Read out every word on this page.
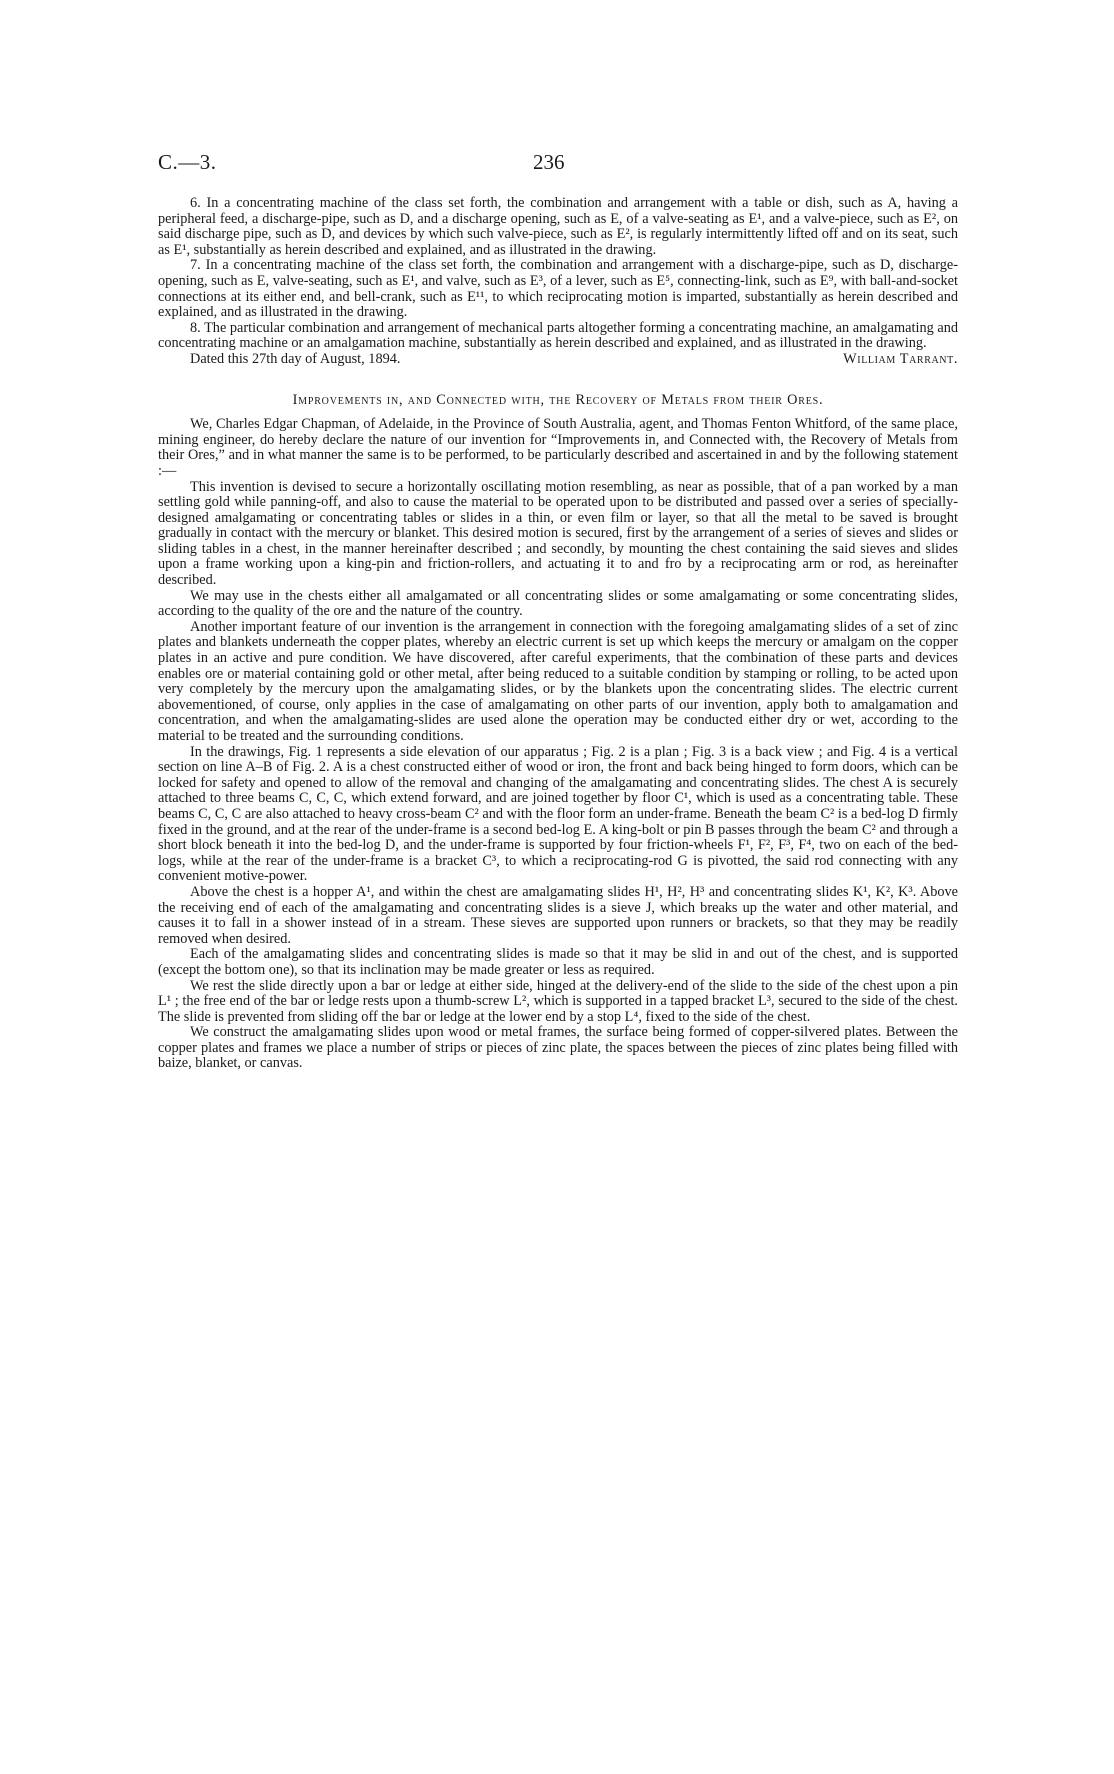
C.—3.	236

6. In a concentrating machine of the class set forth, the combination and arrangement with a table or dish, such as A, having a peripheral feed, a discharge-pipe, such as D, and a discharge opening, such as E, of a valve-seating as E¹, and a valve-piece, such as E², on said discharge pipe, such as D, and devices by which such valve-piece, such as E², is regularly intermittently lifted off and on its seat, such as E¹, substantially as herein described and explained, and as illustrated in the drawing.

7. In a concentrating machine of the class set forth, the combination and arrangement with a discharge-pipe, such as D, discharge-opening, such as E, valve-seating, such as E¹, and valve, such as E³, of a lever, such as E⁵, connecting-link, such as E⁹, with ball-and-socket connections at its either end, and bell-crank, such as E¹¹, to which reciprocating motion is imparted, substantially as herein described and explained, and as illustrated in the drawing.

8. The particular combination and arrangement of mechanical parts altogether forming a concentrating machine, an amalgamating and concentrating machine or an amalgamation machine, substantially as herein described and explained, and as illustrated in the drawing.

Dated this 27th day of August, 1894.	William Tarrant.
Improvements in, and Connected with, the Recovery of Metals from their Ores.

We, Charles Edgar Chapman, of Adelaide, in the Province of South Australia, agent, and Thomas Fenton Whitford, of the same place, mining engineer, do hereby declare the nature of our invention for “Improvements in, and Connected with, the Recovery of Metals from their Ores,” and in what manner the same is to be performed, to be particularly described and ascertained in and by the following statement :—

This invention is devised to secure a horizontally oscillating motion resembling, as near as possible, that of a pan worked by a man settling gold while panning-off, and also to cause the material to be operated upon to be distributed and passed over a series of specially-designed amalgamating or concentrating tables or slides in a thin, or even film or layer, so that all the metal to be saved is brought gradually in contact with the mercury or blanket. This desired motion is secured, first by the arrangement of a series of sieves and slides or sliding tables in a chest, in the manner hereinafter described ; and secondly, by mounting the chest containing the said sieves and slides upon a frame working upon a king-pin and friction-rollers, and actuating it to and fro by a reciprocating arm or rod, as hereinafter described.

We may use in the chests either all amalgamated or all concentrating slides or some amalgamating or some concentrating slides, according to the quality of the ore and the nature of the country.

Another important feature of our invention is the arrangement in connection with the foregoing amalgamating slides of a set of zinc plates and blankets underneath the copper plates, whereby an electric current is set up which keeps the mercury or amalgam on the copper plates in an active and pure condition. We have discovered, after careful experiments, that the combination of these parts and devices enables ore or material containing gold or other metal, after being reduced to a suitable condition by stamping or rolling, to be acted upon very completely by the mercury upon the amalgamating slides, or by the blankets upon the concentrating slides. The electric current abovementioned, of course, only applies in the case of amalgamating on other parts of our invention, apply both to amalgamation and concentration, and when the amalgamating-slides are used alone the operation may be conducted either dry or wet, according to the material to be treated and the surrounding conditions.

In the drawings, Fig. 1 represents a side elevation of our apparatus ; Fig. 2 is a plan ; Fig. 3 is a back view ; and Fig. 4 is a vertical section on line A–B of Fig. 2. A is a chest constructed either of wood or iron, the front and back being hinged to form doors, which can be locked for safety and opened to allow of the removal and changing of the amalgamating and concentrating slides. The chest A is securely attached to three beams C, C, C, which extend forward, and are joined together by floor C¹, which is used as a concentrating table. These beams C, C, C are also attached to heavy cross-beam C² and with the floor form an under-frame. Beneath the beam C² is a bed-log D firmly fixed in the ground, and at the rear of the under-frame is a second bed-log E. A king-bolt or pin B passes through the beam C² and through a short block beneath it into the bed-log D, and the under-frame is supported by four friction-wheels F¹, F², F³, F⁴, two on each of the bed-logs, while at the rear of the under-frame is a bracket C³, to which a reciprocating-rod G is pivotted, the said rod connecting with any convenient motive-power.

Above the chest is a hopper A¹, and within the chest are amalgamating slides H¹, H², H³ and concentrating slides K¹, K², K³. Above the receiving end of each of the amalgamating and concentrating slides is a sieve J, which breaks up the water and other material, and causes it to fall in a shower instead of in a stream. These sieves are supported upon runners or brackets, so that they may be readily removed when desired.

Each of the amalgamating slides and concentrating slides is made so that it may be slid in and out of the chest, and is supported (except the bottom one), so that its inclination may be made greater or less as required.

We rest the slide directly upon a bar or ledge at either side, hinged at the delivery-end of the slide to the side of the chest upon a pin L¹ ; the free end of the bar or ledge rests upon a thumb-screw L², which is supported in a tapped bracket L³, secured to the side of the chest. The slide is prevented from sliding off the bar or ledge at the lower end by a stop L⁴, fixed to the side of the chest.

We construct the amalgamating slides upon wood or metal frames, the surface being formed of copper-silvered plates. Between the copper plates and frames we place a number of strips or pieces of zinc plate, the spaces between the pieces of zinc plates being filled with baize, blanket, or canvas.
